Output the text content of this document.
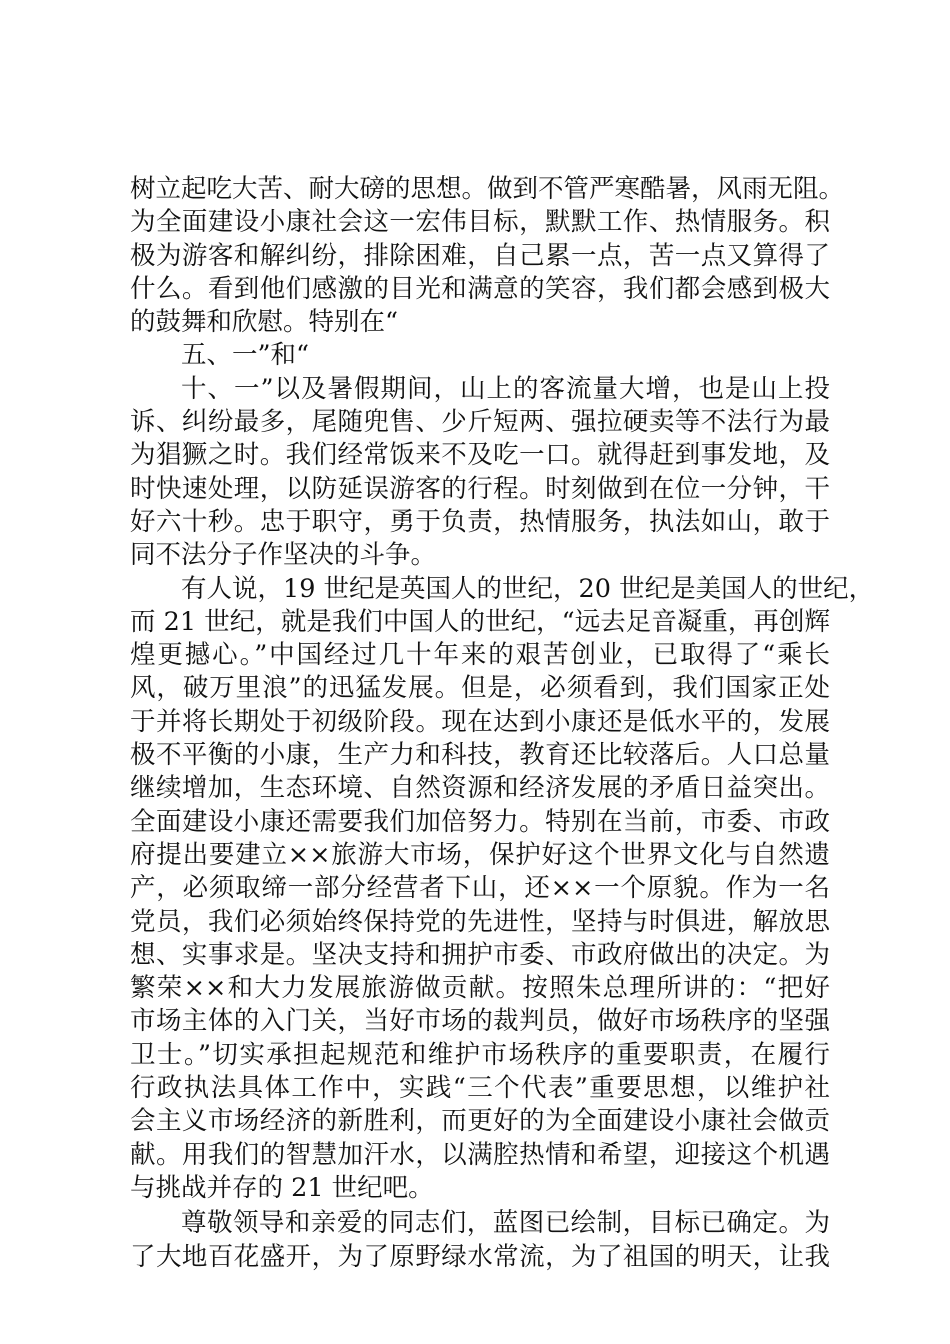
树立起吃大苦、耐大磅的思想。做到不管严寒酷暑，风雨无阻。
为全面建设小康社会这一宏伟目标，默默工作、热情服务。积
极为游客和解纠纷，排除困难，自己累一点，苦一点又算得了
什么。看到他们感激的目光和满意的笑容，我们都会感到极大
的鼓舞和欣慰。特别在“
五、一”和“
十、一”以及暑假期间，山上的客流量大增，也是山上投
诉、纠纷最多，尾随兜售、少斤短两、强拉硬卖等不法行为最
为猖獗之时。我们经常饭来不及吃一口。就得赶到事发地，及
时快速处理，以防延误游客的行程。时刻做到在位一分钟，干
好六十秒。忠于职守，勇于负责，热情服务，执法如山，敢于
同不法分子作坚决的斗争。
有人说，19 世纪是英国人的世纪，20 世纪是美国人的世纪，
而 21 世纪，就是我们中国人的世纪，“远去足音凝重，再创辉
煌更撼心。”中国经过几十年来的艰苦创业，已取得了“乘长
风，破万里浪”的迅猛发展。但是，必须看到，我们国家正处
于并将长期处于初级阶段。现在达到小康还是低水平的，发展
极不平衡的小康，生产力和科技，教育还比较落后。人口总量
继续增加，生态环境、自然资源和经济发展的矛盾日益突出。
全面建设小康还需要我们加倍努力。特别在当前，市委、市政
府提出要建立××旅游大市场，保护好这个世界文化与自然遗
产，必须取缔一部分经营者下山，还××一个原貌。作为一名
党员，我们必须始终保持党的先进性，坚持与时俱进，解放思
想、实事求是。坚决支持和拥护市委、市政府做出的决定。为
繁荣××和大力发展旅游做贡献。按照朱总理所讲的：“把好
市场主体的入门关，当好市场的裁判员，做好市场秩序的坚强
卫士。”切实承担起规范和维护市场秩序的重要职责，在履行
行政执法具体工作中，实践“三个代表”重要思想，以维护社
会主义市场经济的新胜利，而更好的为全面建设小康社会做贡
献。用我们的智慧加汗水，以满腔热情和希望，迎接这个机遇
与挑战并存的 21 世纪吧。
尊敬领导和亲爱的同志们，蓝图已绘制，目标已确定。为
了大地百花盛开，为了原野绿水常流，为了祖国的明天，让我
